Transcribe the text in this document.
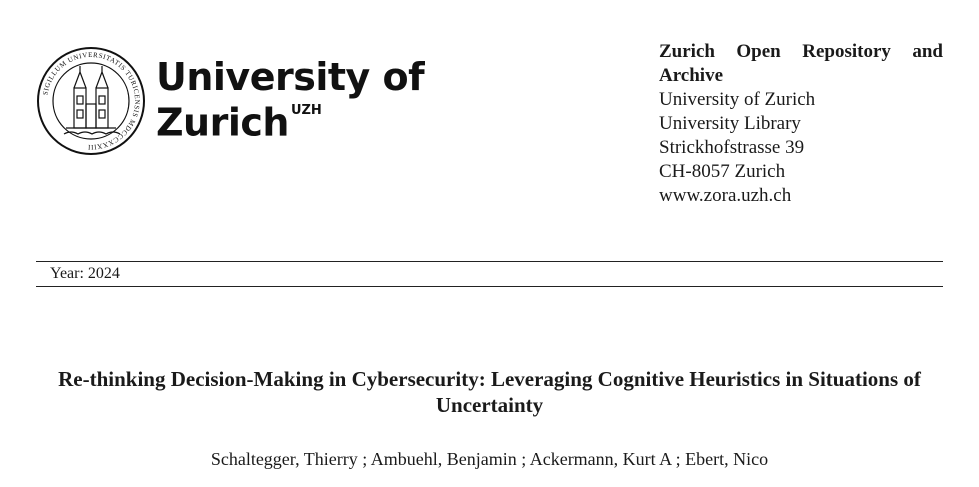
SIGILLUM UNIVERSITATIS TURICENSIS MDCCCXXXIII
University of
Zurich $^{UZH}$
Zurich Open Repository and
Archive
University of Zurich
University Library
Strickhofstrasse 39
CH-8057 Zurich
www.zora.uzh.ch
Year: 2024
Re-thinking Decision-Making in Cybersecurity: Leveraging Cognitive Heuristics in Situations of Uncertainty
Schaltegger, Thierry ; Ambuehl, Benjamin ; Ackermann, Kurt A ; Ebert, Nico
